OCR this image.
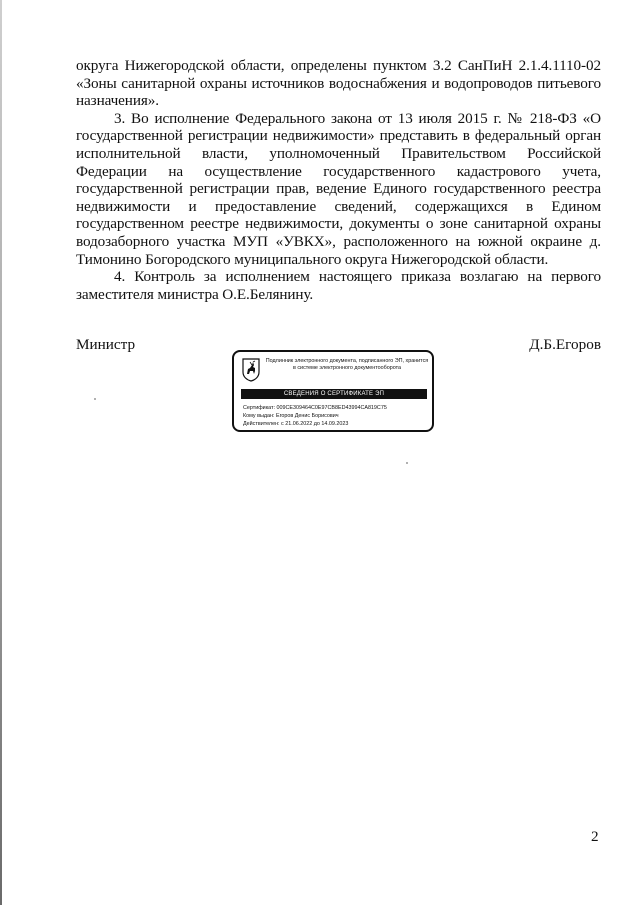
округа Нижегородской области, определены пунктом 3.2 СанПиН 2.1.4.1110-02 «Зоны санитарной охраны источников водоснабжения и водопроводов питьевого назначения».

3. Во исполнение Федерального закона от 13 июля 2015 г. № 218-ФЗ «О государственной регистрации недвижимости» представить в федеральный орган исполнительной власти, уполномоченный Правительством Российской Федерации на осуществление государственного кадастрового учета, государственной регистрации прав, ведение Единого государственного реестра недвижимости и предоставление сведений, содержащихся в Едином государственном реестре недвижимости, документы о зоне санитарной охраны водозаборного участка МУП «УВКХ», расположенного на южной окраине д. Тимонино Богородского муниципального округа Нижегородской области.

4. Контроль за исполнением настоящего приказа возлагаю на первого заместителя министра О.Е.Белянину.

Министр	Д.Б.Егоров
Подлинник электронного документа, подписанного ЭП, хранится в системе электронного документооборота
СВЕДЕНИЯ О СЕРТИФИКАТЕ ЭП
Сертификат: 009CE309464C0E97CB8ED43994CA819C75
Кому выдан: Егоров Денис Борисович
Действителен: с 21.06.2022 до 14.09.2023
2
